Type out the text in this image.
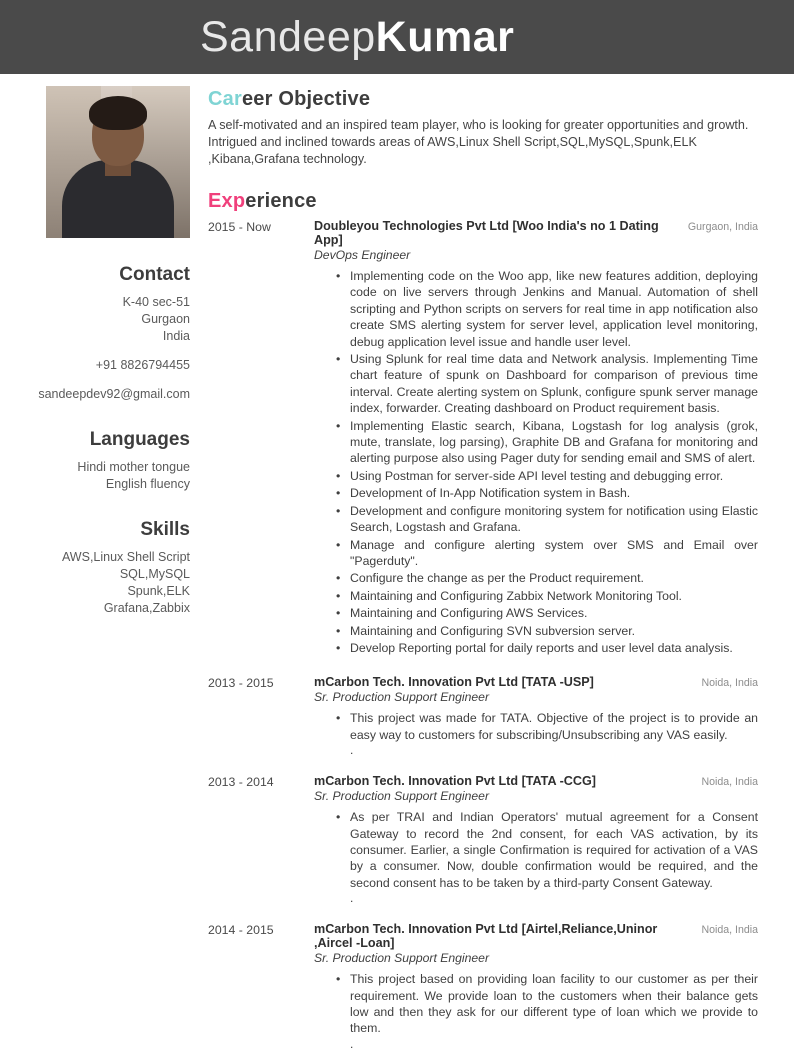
SandeepKumar
Contact
K-40 sec-51
Gurgaon
India
+91 8826794455
sandeepdev92@gmail.com
Languages
Hindi mother tongue
English fluency
Skills
AWS,Linux Shell Script
SQL,MySQL
Spunk,ELK
Grafana,Zabbix
Career Objective

A self-motivated and an inspired team player, who is looking for greater opportunities and growth. Intrigued and inclined towards areas of AWS,Linux Shell Script,SQL,MySQL,Spunk,ELK ,Kibana,Grafana technology.

Experience
2015 - Now	Doubleyou Technologies Pvt Ltd [Woo India's no 1 Dating App]
Gurgaon, India
DevOps Engineer
• Implementing code on the Woo app, like new features addition, deploying code on live servers through Jenkins and Manual. Automation of shell scripting and Python scripts on servers for real time in app notification also create SMS alerting system for server level, application level monitoring, debug application level issue and handle user level.
• Using Splunk for real time data and Network analysis. Implementing Time chart feature of spunk on Dashboard for comparison of previous time interval. Create alerting system on Splunk, configure spunk server manage index, forwarder. Creating dashboard on Product requirement basis.
• Implementing Elastic search, Kibana, Logstash for log analysis (grok, mute, translate, log parsing), Graphite DB and Grafana for monitoring and alerting purpose also using Pager duty for sending email and SMS of alert.
• Using Postman for server-side API level testing and debugging error.
• Development of In-App Notification system in Bash.
• Development and configure monitoring system for notification using Elastic Search, Logstash and Grafana.
• Manage and configure alerting system over SMS and Email over "Pagerduty".
• Configure the change as per the Product requirement.
• Maintaining and Configuring Zabbix Network Monitoring Tool.
• Maintaining and Configuring AWS Services.
• Maintaining and Configuring SVN subversion server.
• Develop Reporting portal for daily reports and user level data analysis.
2013 - 2015	mCarbon Tech. Innovation Pvt Ltd [TATA -USP]	Noida, India
Sr. Production Support Engineer
• This project was made for TATA. Objective of the project is to provide an easy way to customers for subscribing/Unsubscribing any VAS easily.
.
2013 - 2014	mCarbon Tech. Innovation Pvt Ltd [TATA -CCG]	Noida, India
Sr. Production Support Engineer
• As per TRAI and Indian Operators' mutual agreement for a Consent Gateway to record the 2nd consent, for each VAS activation, by its consumer. Earlier, a single Confirmation is required for activation of a VAS by a consumer. Now, double confirmation would be required, and the second consent has to be taken by a third-party Consent Gateway.
.
2014 - 2015	mCarbon Tech. Innovation Pvt Ltd [Airtel,Reliance,Uninor ,Aircel -Loan]
Noida, India
Sr. Production Support Engineer
• This project based on providing loan facility to our customer as per their requirement. We provide loan to the customers when their balance gets low and then they ask for our different type of loan which we provide to them.
.
